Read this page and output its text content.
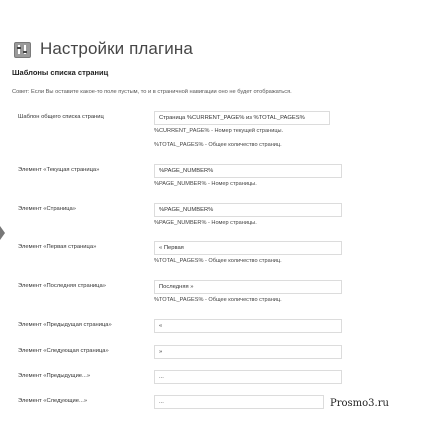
Настройки плагина
Шаблоны списка страниц
Совет: Если Вы оставите какое-то поле пустым, то и в страничной навигации оно не будет отображаться.
Шаблон общего списка страниц	Страница %CURRENT_PAGE% из %TOTAL_PAGES%
%CURRENT_PAGE% - Номер текущей страницы.
%TOTAL_PAGES% - Общее количество страниц.
Элемент «Текущая страница»	%PAGE_NUMBER%
%PAGE_NUMBER% - Номер страницы.
Элемент «Страница»	%PAGE_NUMBER%
%PAGE_NUMBER% - Номер страницы.
Элемент «Первая страница»	« Первая
%TOTAL_PAGES% - Общее количество страниц.
Элемент «Последняя страница»	Последняя »
%TOTAL_PAGES% - Общее количество страниц.
Элемент «Предыдущая страница»	«
Элемент «Следующая страница»	»
Элемент «Предыдущие...»	...
Элемент «Следующие...»	...	Prosmo3.ru
